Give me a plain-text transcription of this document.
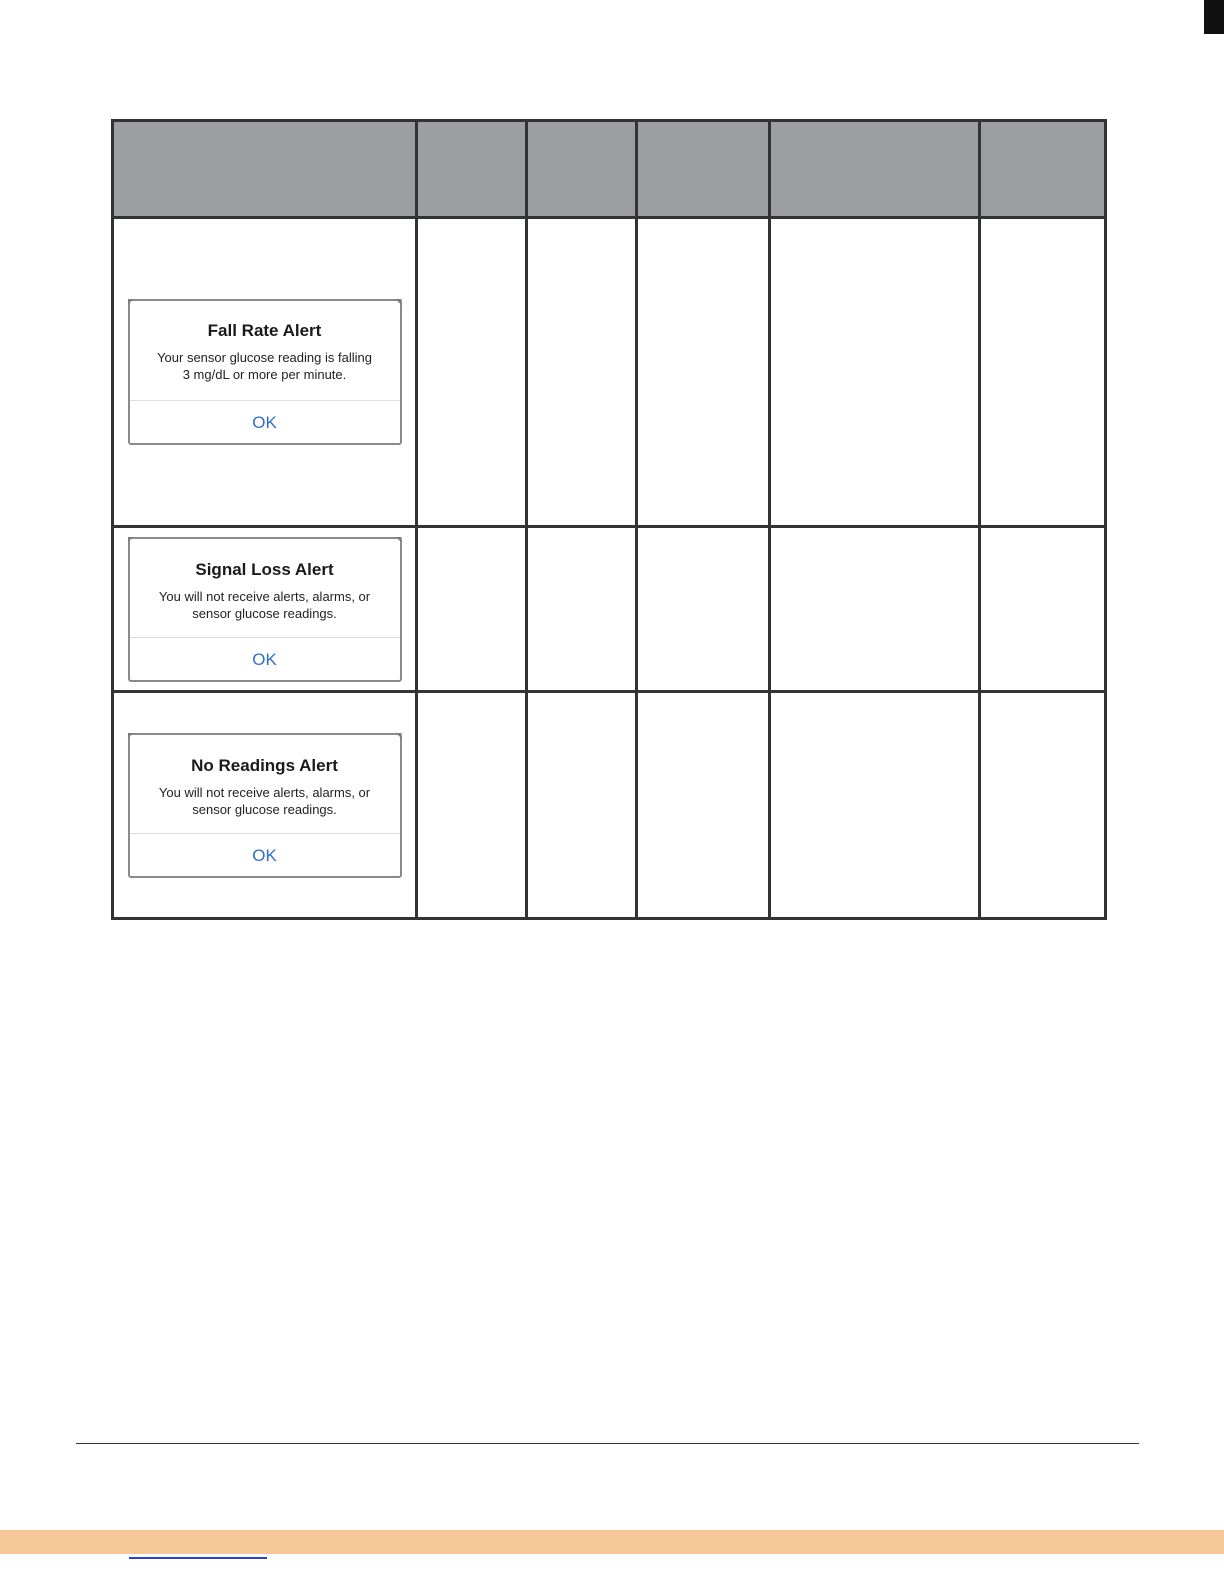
Fall Rate Alert
Your sensor glucose reading is falling
3 mg/dL or more per minute.
OK					

Signal Loss Alert
You will not receive alerts, alarms, or
sensor glucose readings.
OK					

No Readings Alert
You will not receive alerts, alarms, or
sensor glucose readings.
OK					
